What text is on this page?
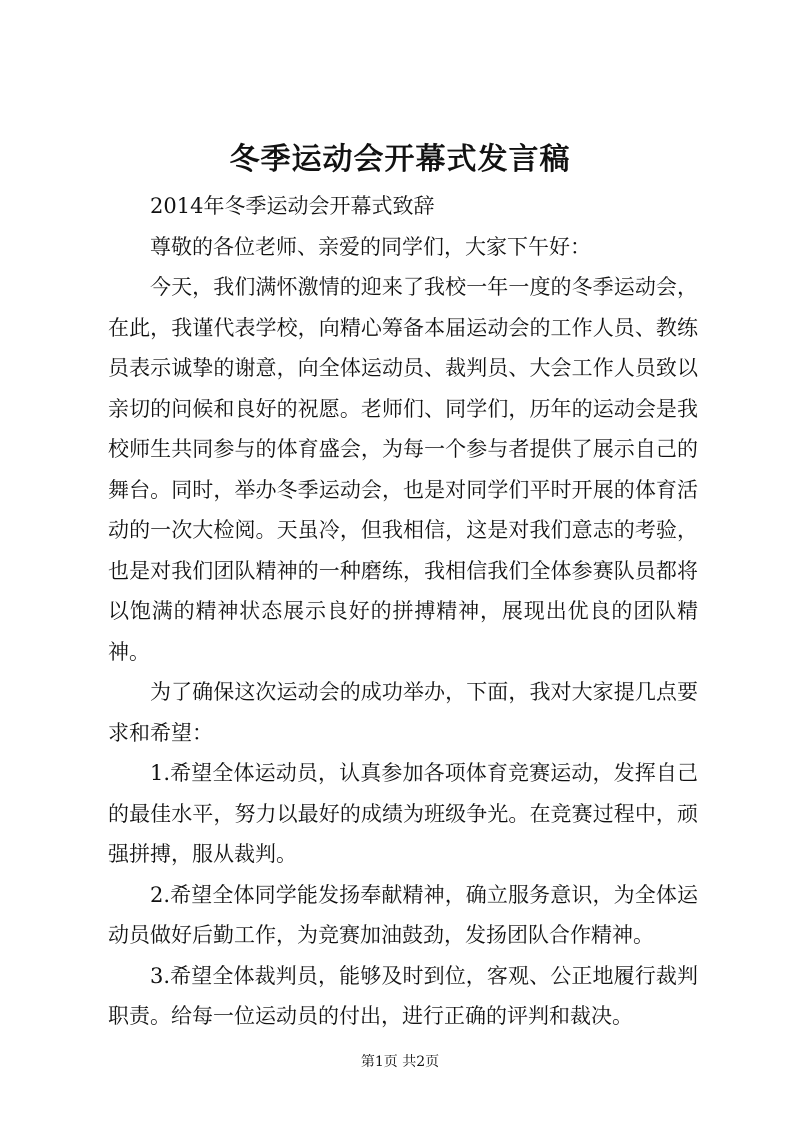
冬季运动会开幕式发言稿

2014年冬季运动会开幕式致辞

尊敬的各位老师、亲爱的同学们，大家下午好：

今天，我们满怀激情的迎来了我校一年一度的冬季运动会，在此，我谨代表学校，向精心筹备本届运动会的工作人员、教练员表示诚挚的谢意，向全体运动员、裁判员、大会工作人员致以亲切的问候和良好的祝愿。老师们、同学们，历年的运动会是我校师生共同参与的体育盛会，为每一个参与者提供了展示自己的舞台。同时，举办冬季运动会，也是对同学们平时开展的体育活动的一次大检阅。天虽冷，但我相信，这是对我们意志的考验，也是对我们团队精神的一种磨练，我相信我们全体参赛队员都将以饱满的精神状态展示良好的拼搏精神，展现出优良的团队精神。

为了确保这次运动会的成功举办，下面，我对大家提几点要求和希望：

1.希望全体运动员，认真参加各项体育竞赛运动，发挥自己的最佳水平，努力以最好的成绩为班级争光。在竞赛过程中，顽强拼搏，服从裁判。

2.希望全体同学能发扬奉献精神，确立服务意识，为全体运动员做好后勤工作，为竞赛加油鼓劲，发扬团队合作精神。

3.希望全体裁判员，能够及时到位，客观、公正地履行裁判职责。给每一位运动员的付出，进行正确的评判和裁决。

第1页 共2页
